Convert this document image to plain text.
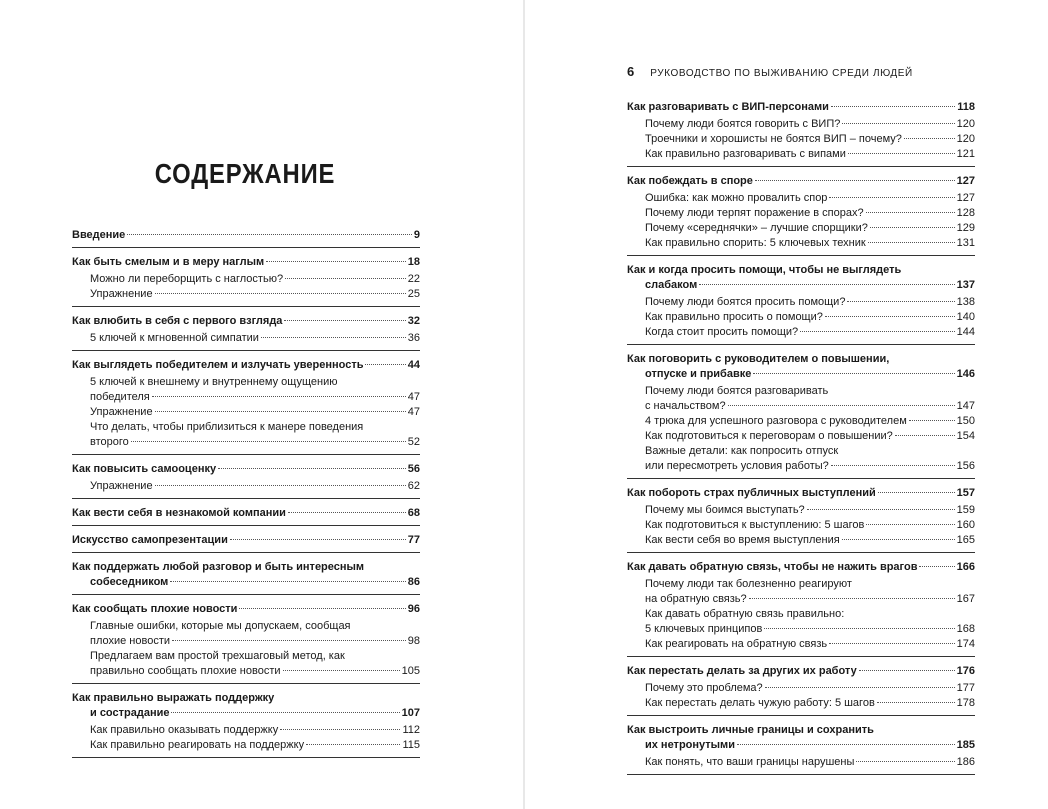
СОДЕРЖАНИЕ
Введение	9
Как быть смелым и в меру наглым	18
Можно ли переборщить с наглостью?	22
Упражнение	25
Как влюбить в себя с первого взгляда	32
5 ключей к мгновенной симпатии	36
Как выглядеть победителем и излучать уверенность	44
5 ключей к внешнему и внутреннему ощущению
победителя	47
Упражнение	47
Что делать, чтобы приблизиться к манере поведения
второго	52
Как повысить самооценку	56
Упражнение	62
Как вести себя в незнакомой компании	68
Искусство самопрезентации	77
Как поддержать любой разговор и быть интересным
собеседником	86
Как сообщать плохие новости	96
Главные ошибки, которые мы допускаем, сообщая
плохие новости	98
Предлагаем вам простой трехшаговый метод, как
правильно сообщать плохие новости	105
Как правильно выражать поддержку
и сострадание	107
Как правильно оказывать поддержку	112
Как правильно реагировать на поддержку	115
6 РУКОВОДСТВО ПО ВЫЖИВАНИЮ СРЕДИ ЛЮДЕЙ
Как разговаривать с ВИП-персонами	118
Почему люди боятся говорить с ВИП?	120
Троечники и хорошисты не боятся ВИП – почему?	120
Как правильно разговаривать с випами	121
Как побеждать в споре	127
Ошибка: как можно провалить спор	127
Почему люди терпят поражение в спорах?	128
Почему «середнячки» – лучшие спорщики?	129
Как правильно спорить: 5 ключевых техник	131
Как и когда просить помощи, чтобы не выглядеть
слабаком	137
Почему люди боятся просить помощи?	138
Как правильно просить о помощи?	140
Когда стоит просить помощи?	144
Как поговорить с руководителем о повышении,
отпуске и прибавке	146
Почему люди боятся разговаривать
с начальством?	147
4 трюка для успешного разговора с руководителем	150
Как подготовиться к переговорам о повышении?	154
Важные детали: как попросить отпуск
или пересмотреть условия работы?	156
Как побороть страх публичных выступлений	157
Почему мы боимся выступать?	159
Как подготовиться к выступлению: 5 шагов	160
Как вести себя во время выступления	165
Как давать обратную связь, чтобы не нажить врагов	166
Почему люди так болезненно реагируют
на обратную связь?	167
Как давать обратную связь правильно:
5 ключевых принципов	168
Как реагировать на обратную связь	174
Как перестать делать за других их работу	176
Почему это проблема?	177
Как перестать делать чужую работу: 5 шагов	178
Как выстроить личные границы и сохранить
их нетронутыми	185
Как понять, что ваши границы нарушены	186
